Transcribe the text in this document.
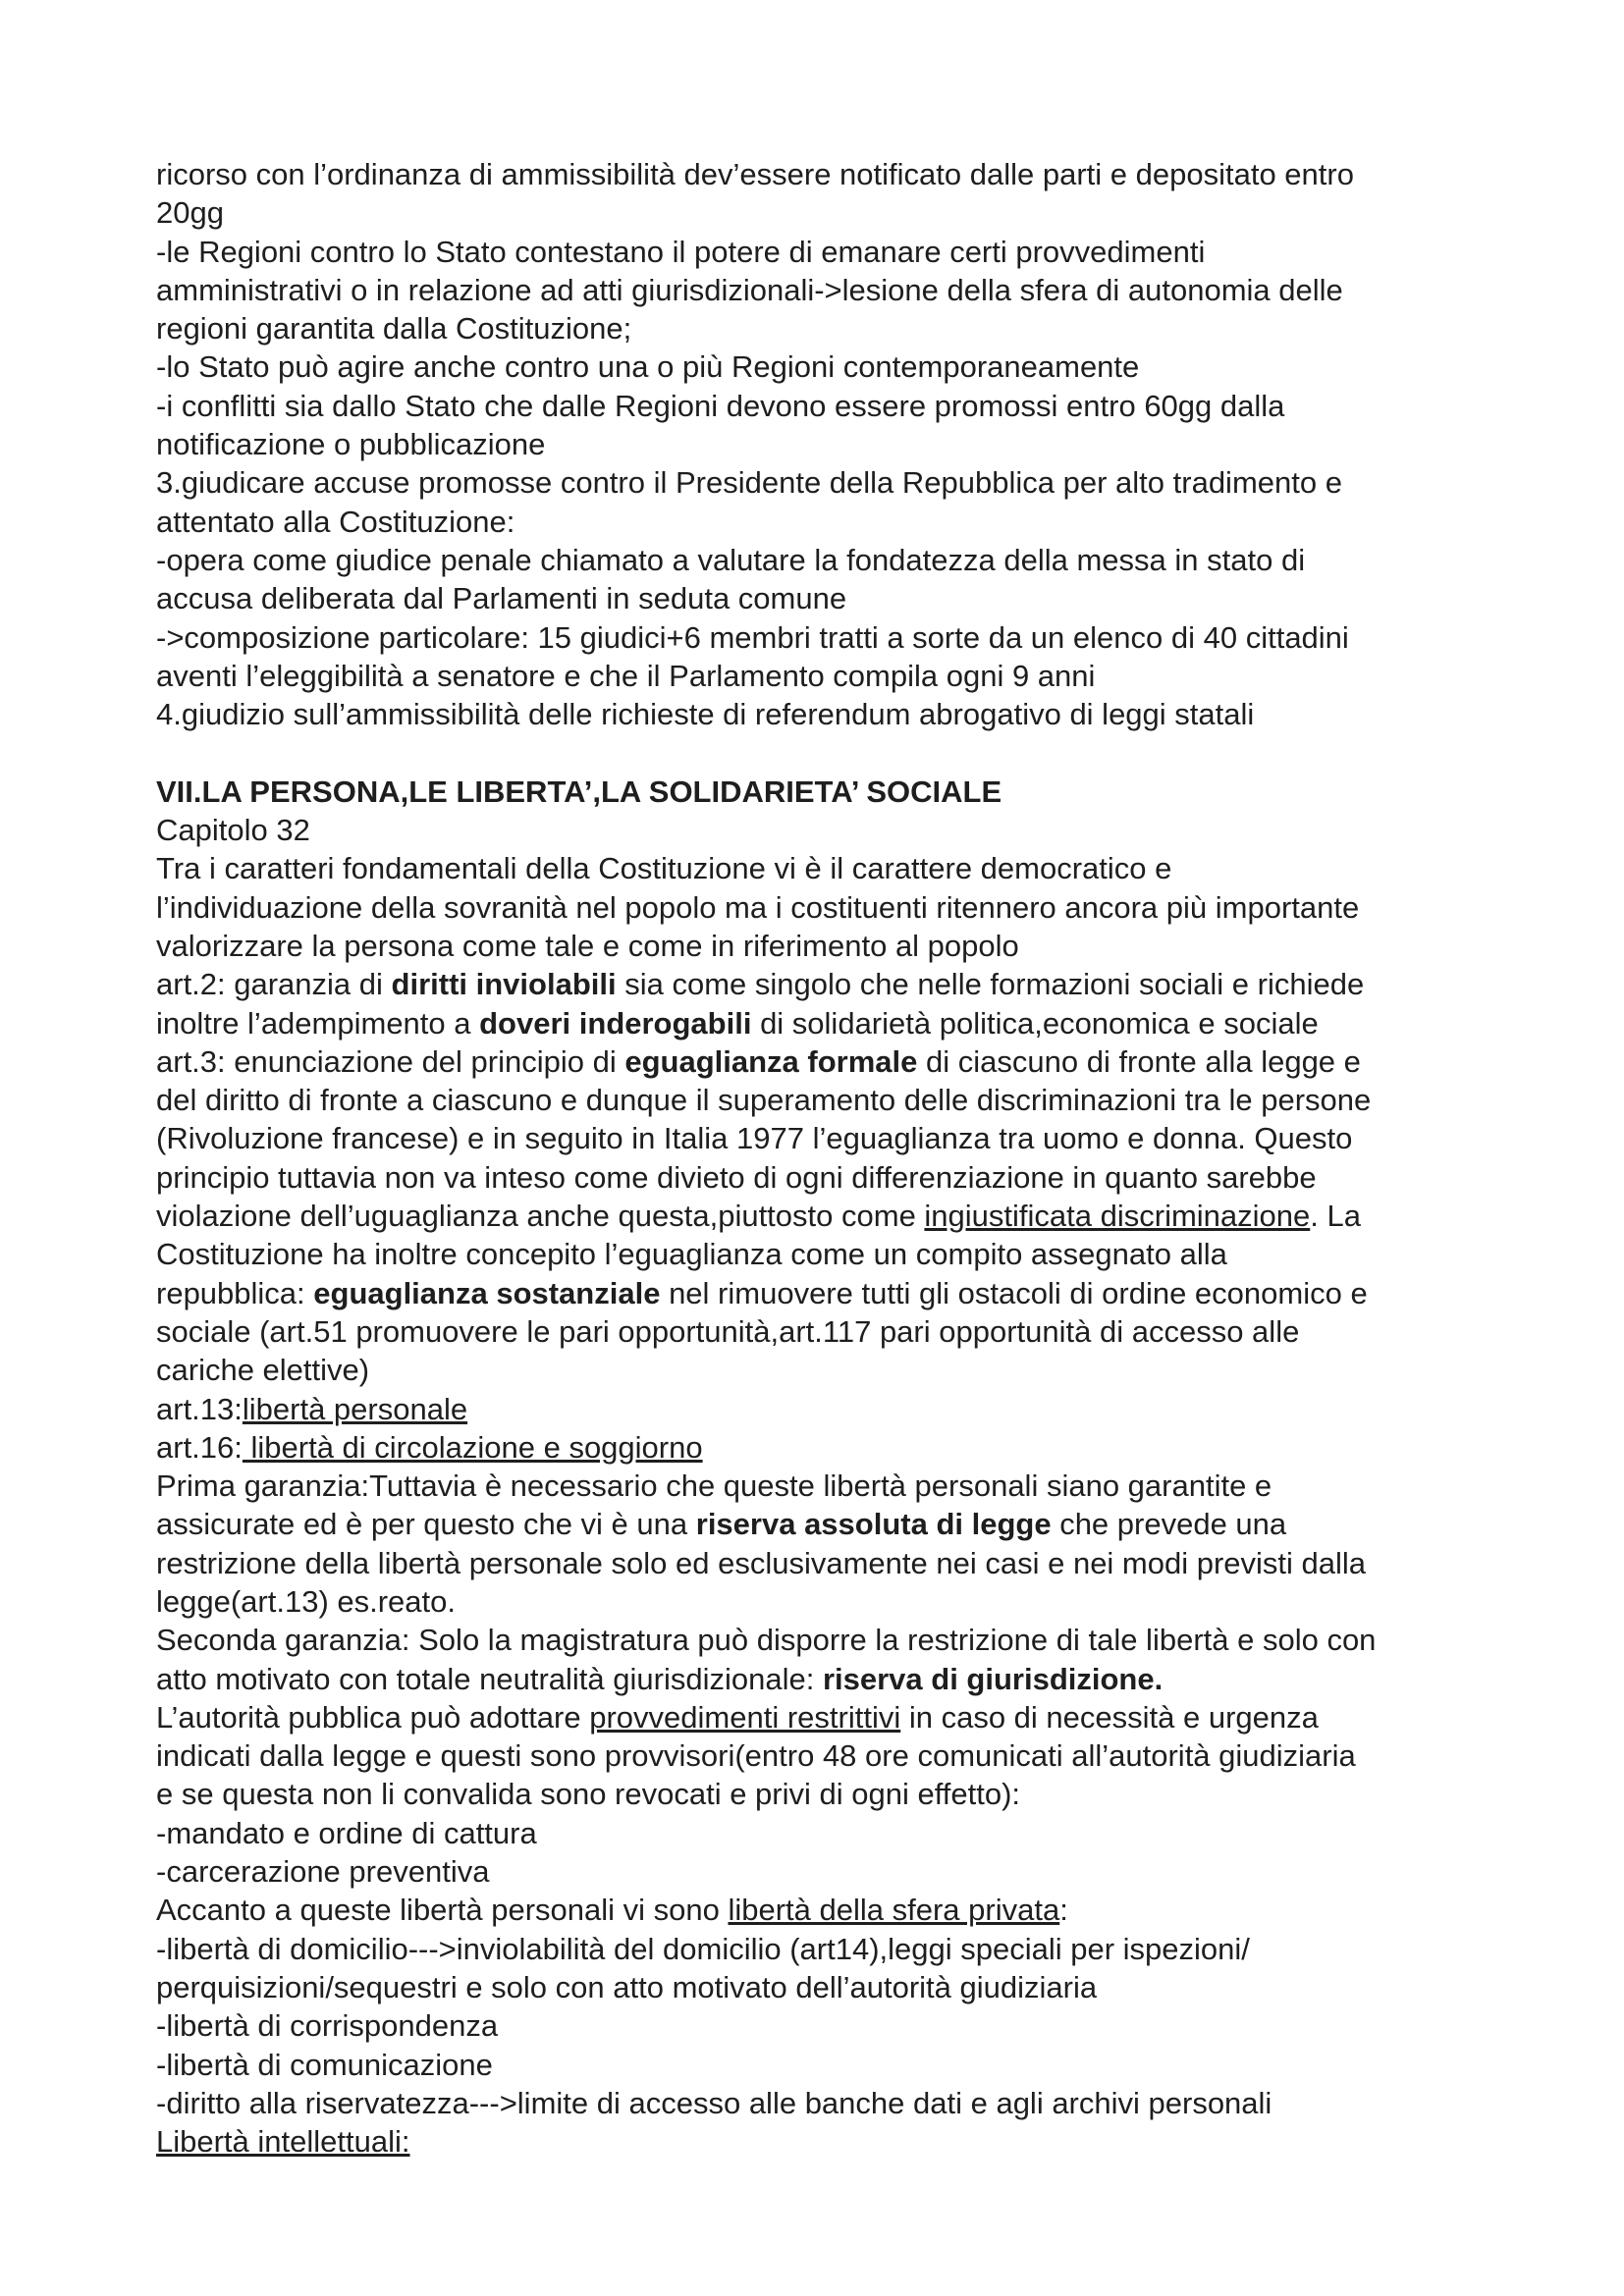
ricorso con l’ordinanza di ammissibilità dev’essere notificato dalle parti e depositato entro
20gg
-le Regioni contro lo Stato contestano il potere di emanare certi provvedimenti
amministrativi o in relazione ad atti giurisdizionali->lesione della sfera di autonomia delle
regioni garantita dalla Costituzione;
-lo Stato può agire anche contro una o più Regioni contemporaneamente
-i conflitti sia dallo Stato che dalle Regioni devono essere promossi entro 60gg dalla
notificazione o pubblicazione
3.giudicare accuse promosse contro il Presidente della Repubblica per alto tradimento e
attentato alla Costituzione:
-opera come giudice penale chiamato a valutare la fondatezza della messa in stato di
accusa deliberata dal Parlamenti in seduta comune
->composizione particolare: 15 giudici+6 membri tratti a sorte da un elenco di 40 cittadini
aventi l’eleggibilità a senatore e che il Parlamento compila ogni 9 anni
4.giudizio sull’ammissibilità delle richieste di referendum abrogativo di leggi statali
VII.LA PERSONA,LE LIBERTA’,LA SOLIDARIETA’ SOCIALE
Capitolo 32
Tra i caratteri fondamentali della Costituzione vi è il carattere democratico e
l’individuazione della sovranità nel popolo ma i costituenti ritennero ancora più importante
valorizzare la persona come tale e come in riferimento al popolo
art.2: garanzia di diritti inviolabili sia come singolo che nelle formazioni sociali e richiede
inoltre l’adempimento a doveri inderogabili di solidarietà politica,economica e sociale
art.3: enunciazione del principio di eguaglianza formale di ciascuno di fronte alla legge e
del diritto di fronte a ciascuno e dunque il superamento delle discriminazioni tra le persone
(Rivoluzione francese) e in seguito in Italia 1977 l’eguaglianza tra uomo e donna. Questo
principio tuttavia non va inteso come divieto di ogni differenziazione in quanto sarebbe
violazione dell’uguaglianza anche questa,piuttosto come ingiustificata discriminazione. La
Costituzione ha inoltre concepito l’eguaglianza come un compito assegnato alla
repubblica: eguaglianza sostanziale nel rimuovere tutti gli ostacoli di ordine economico e
sociale (art.51 promuovere le pari opportunità,art.117 pari opportunità di accesso alle
cariche elettive)
art.13:libertà personale
art.16: libertà di circolazione e soggiorno
Prima garanzia:Tuttavia è necessario che queste libertà personali siano garantite e
assicurate ed è per questo che vi è una riserva assoluta di legge che prevede una
restrizione della libertà personale solo ed esclusivamente nei casi e nei modi previsti dalla
legge(art.13) es.reato.
Seconda garanzia: Solo la magistratura può disporre la restrizione di tale libertà e solo con
atto motivato con totale neutralità giurisdizionale: riserva di giurisdizione.
L’autorità pubblica può adottare provvedimenti restrittivi in caso di necessità e urgenza
indicati dalla legge e questi sono provvisori(entro 48 ore comunicati all’autorità giudiziaria
e se questa non li convalida sono revocati e privi di ogni effetto):
-mandato e ordine di cattura
-carcerazione preventiva
Accanto a queste libertà personali vi sono libertà della sfera privata:
-libertà di domicilio--->inviolabilità del domicilio (art14),leggi speciali per ispezioni/
perquisizioni/sequestri e solo con atto motivato dell’autorità giudiziaria
-libertà di corrispondenza
-libertà di comunicazione
-diritto alla riservatezza--->limite di accesso alle banche dati e agli archivi personali
Libertà intellettuali:
